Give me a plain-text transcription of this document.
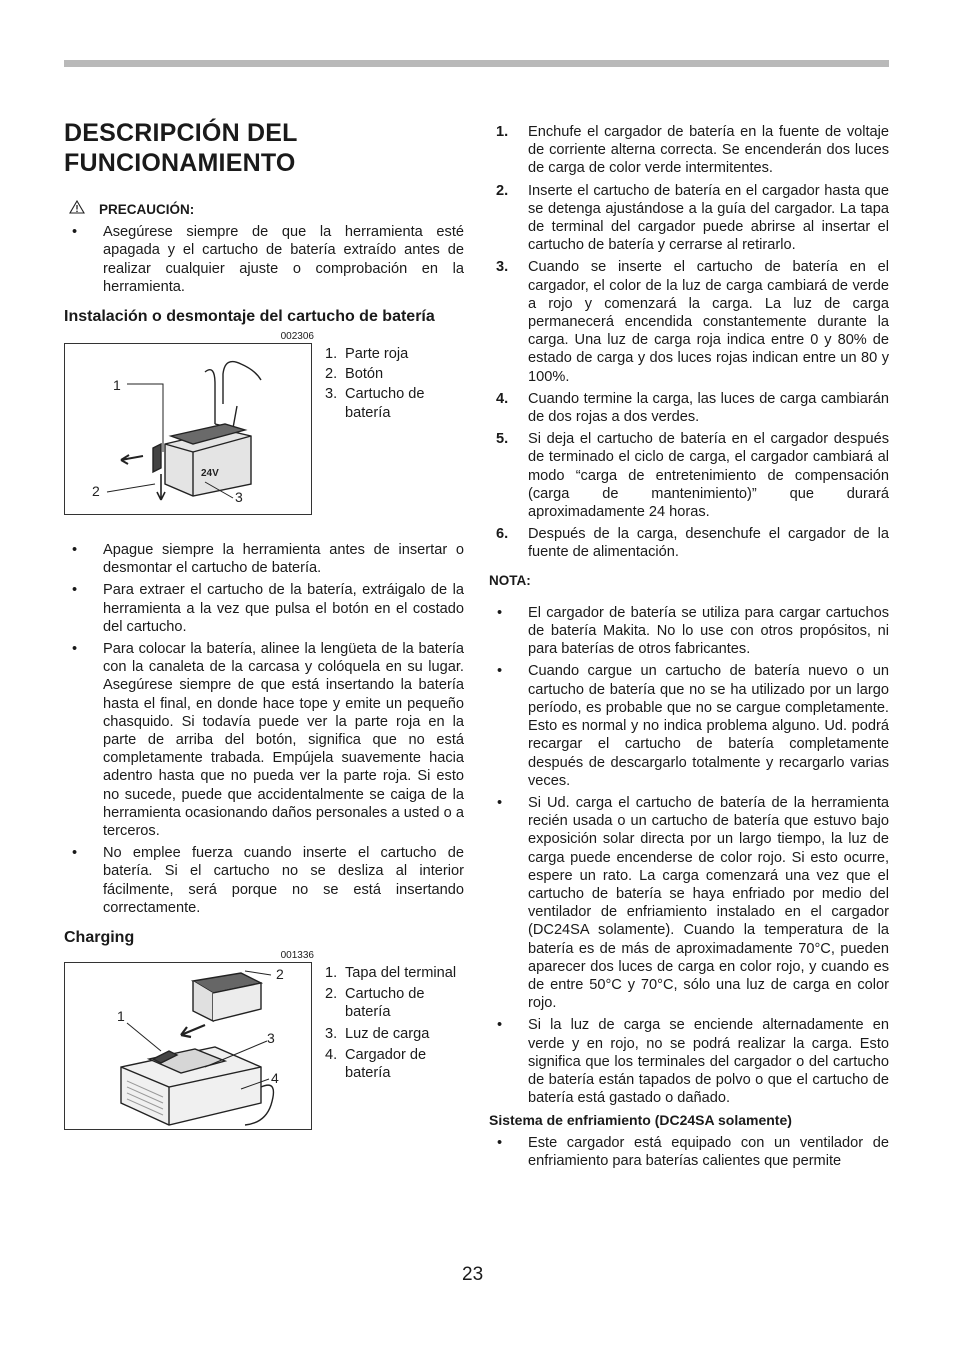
DESCRIPCIÓN DEL
FUNCIONAMIENTO
PRECAUCIÓN:
• Asegúrese siempre de que la herramienta esté apagada y el cartucho de batería extraído antes de realizar cualquier ajuste o comprobación en la herramienta.
Instalación o desmontaje del cartucho de batería
002306
24V
1
2	3
1. Parte roja
2. Botón
3. Cartucho de batería
• Apague siempre la herramienta antes de insertar o desmontar el cartucho de batería.
• Para extraer el cartucho de la batería, extráigalo de la herramienta a la vez que pulsa el botón en el costado del cartucho.
• Para colocar la batería, alinee la lengüeta de la batería con la canaleta de la carcasa y colóquela en su lugar. Asegúrese siempre de que está insertando la batería hasta el final, en donde hace tope y emite un pequeño chasquido. Si todavía puede ver la parte roja en la parte de arriba del botón, significa que no está completamente trabada. Empújela suavemente hacia adentro hasta que no pueda ver la parte roja. Si esto no sucede, puede que accidentalmente se caiga de la herramienta ocasionando daños personales a usted o a terceros.
• No emplee fuerza cuando inserte el cartucho de batería. Si el cartucho no se desliza al interior fácilmente, será porque no se está insertando correctamente.
Charging
001336
1
2
3
4
1. Tapa del terminal
2. Cartucho de batería
3. Luz de carga
4. Cargador de batería
1. Enchufe el cargador de batería en la fuente de voltaje de corriente alterna correcta. Se encenderán dos luces de carga de color verde intermitentes.
2. Inserte el cartucho de batería en el cargador hasta que se detenga ajustándose a la guía del cargador. La tapa de terminal del cargador puede abrirse al insertar el cartucho de batería y cerrarse al retirarlo.
3. Cuando se inserte el cartucho de batería en el cargador, el color de la luz de carga cambiará de verde a rojo y comenzará la carga. La luz de carga permanecerá encendida constantemente durante la carga. Una luz de carga roja indica entre 0 y 80% de estado de carga y dos luces rojas indican entre un 80 y 100%.
4. Cuando termine la carga, las luces de carga cambiarán de dos rojas a dos verdes.
5. Si deja el cartucho de batería en el cargador después de terminado el ciclo de carga, el cargador cambiará al modo “carga de entretenimiento de compensación (carga de mantenimiento)” que durará aproximadamente 24 horas.
6. Después de la carga, desenchufe el cargador de la fuente de alimentación.
NOTA:
• El cargador de batería se utiliza para cargar cartuchos de batería Makita. No lo use con otros propósitos, ni para baterías de otros fabricantes.
• Cuando cargue un cartucho de batería nuevo o un cartucho de batería que no se ha utilizado por un largo período, es probable que no se cargue completamente. Esto es normal y no indica problema alguno. Ud. podrá recargar el cartucho de batería completamente después de descargarlo totalmente y recargarlo varias veces.
• Si Ud. carga el cartucho de batería de la herramienta recién usada o un cartucho de batería que estuvo bajo exposición solar directa por un largo tiempo, la luz de carga puede encenderse de color rojo. Si esto ocurre, espere un rato. La carga comenzará una vez que el cartucho de batería se haya enfriado por medio del ventilador de enfriamiento instalado en el cargador (DC24SA solamente). Cuando la temperatura de la batería es de más de aproximadamente 70°C, pueden aparecer dos luces de carga en color rojo, y cuando es de entre 50°C y 70°C, sólo una luz de carga en color rojo.
• Si la luz de carga se enciende alternadamente en verde y en rojo, no se podrá realizar la carga. Esto significa que los terminales del cargador o del cartucho de batería están tapados de polvo o que el cartucho de batería está gastado o dañado.
Sistema de enfriamiento (DC24SA solamente)
• Este cargador está equipado con un ventilador de enfriamiento para baterías calientes que permite
23
